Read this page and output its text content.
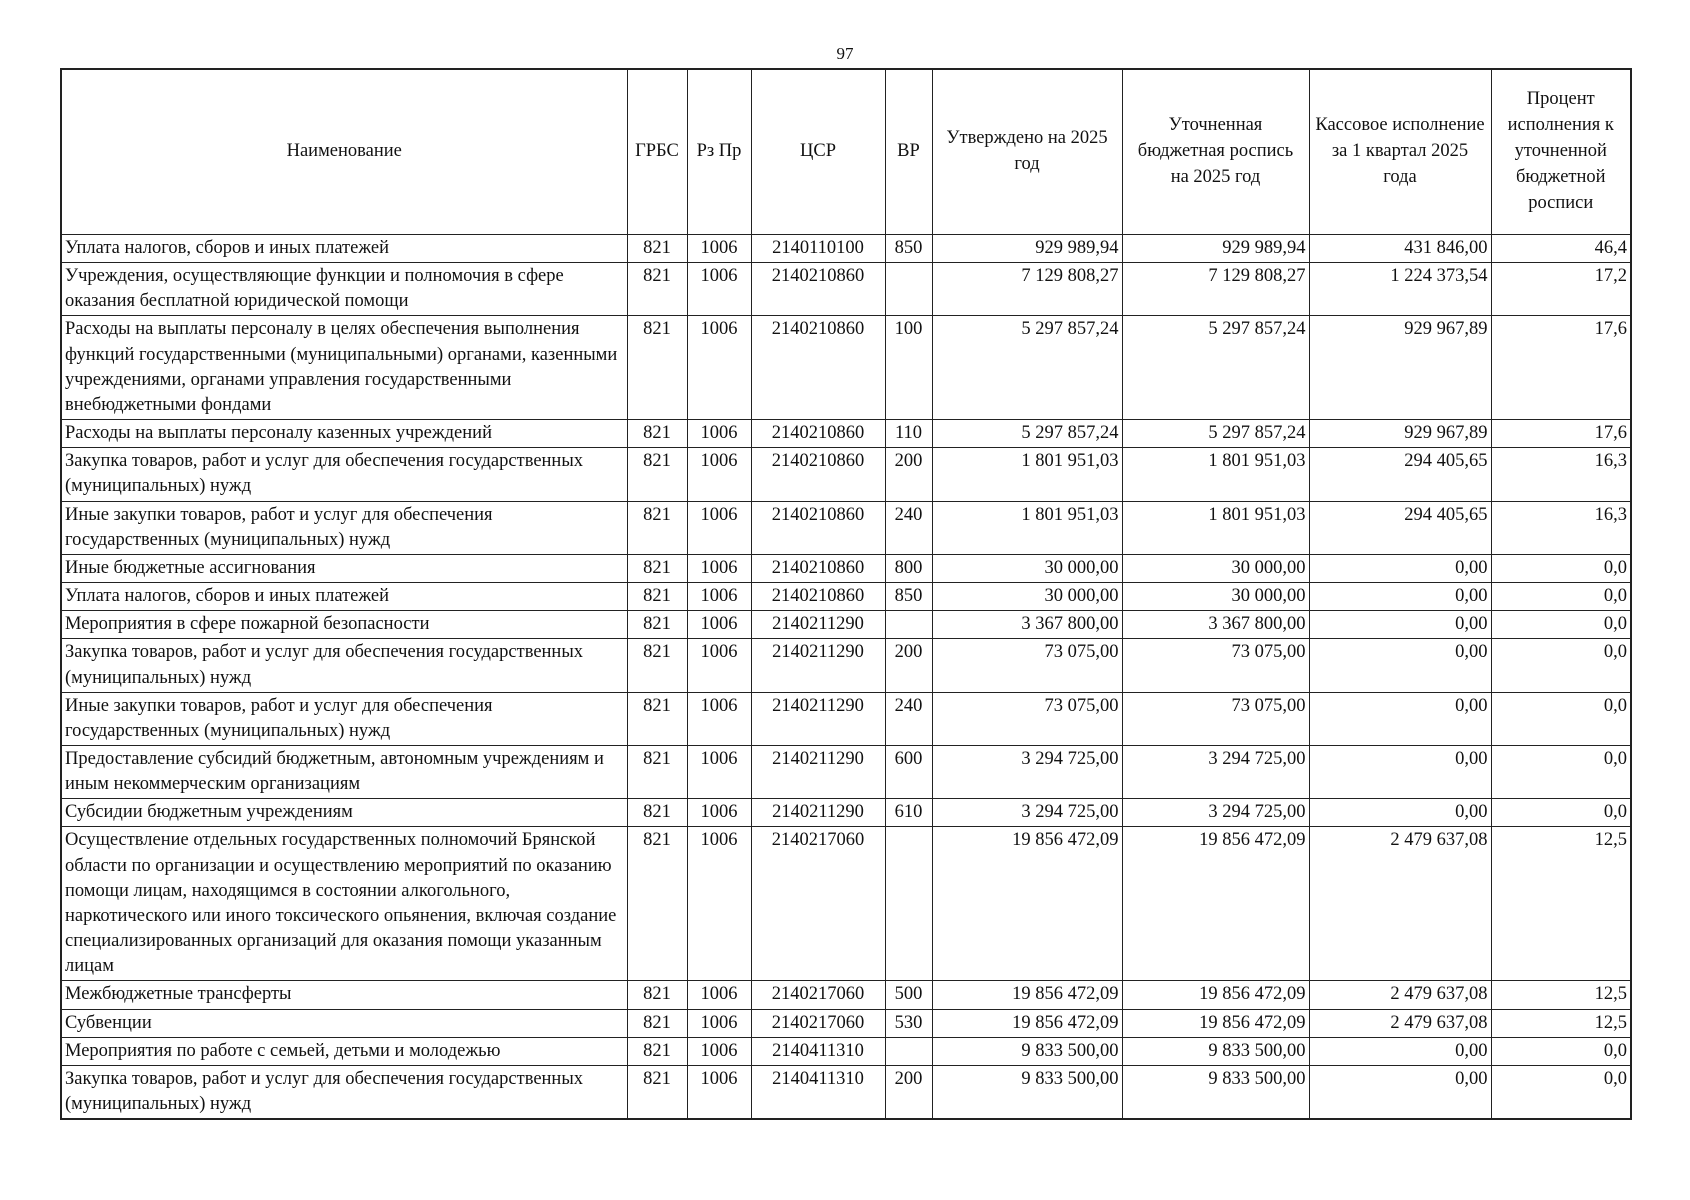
97
Наименование	ГРБС	Рз Пр	ЦСР	ВР	Утверждено на 2025 год	Уточненная бюджетная роспись на 2025 год	Кассовое исполнение за 1 квартал 2025 года	Процент исполнения к уточненной бюджетной росписи
Уплата налогов, сборов и иных платежей	821	1006	2140110100	850	929 989,94	929 989,94	431 846,00	46,4
Учреждения, осуществляющие функции и полномочия в сфере оказания бесплатной юридической помощи	821	1006	2140210860		7 129 808,27	7 129 808,27	1 224 373,54	17,2
Расходы на выплаты персоналу в целях обеспечения выполнения функций государственными (муниципальными) органами, казенными учреждениями, органами управления государственными внебюджетными фондами	821	1006	2140210860	100	5 297 857,24	5 297 857,24	929 967,89	17,6
Расходы на выплаты персоналу казенных учреждений	821	1006	2140210860	110	5 297 857,24	5 297 857,24	929 967,89	17,6
Закупка товаров, работ и услуг для обеспечения государственных (муниципальных) нужд	821	1006	2140210860	200	1 801 951,03	1 801 951,03	294 405,65	16,3
Иные закупки товаров, работ и услуг для обеспечения государственных (муниципальных) нужд	821	1006	2140210860	240	1 801 951,03	1 801 951,03	294 405,65	16,3
Иные бюджетные ассигнования	821	1006	2140210860	800	30 000,00	30 000,00	0,00	0,0
Уплата налогов, сборов и иных платежей	821	1006	2140210860	850	30 000,00	30 000,00	0,00	0,0
Мероприятия в сфере пожарной безопасности	821	1006	2140211290		3 367 800,00	3 367 800,00	0,00	0,0
Закупка товаров, работ и услуг для обеспечения государственных (муниципальных) нужд	821	1006	2140211290	200	73 075,00	73 075,00	0,00	0,0
Иные закупки товаров, работ и услуг для обеспечения государственных (муниципальных) нужд	821	1006	2140211290	240	73 075,00	73 075,00	0,00	0,0
Предоставление субсидий бюджетным, автономным учреждениям и иным некоммерческим организациям	821	1006	2140211290	600	3 294 725,00	3 294 725,00	0,00	0,0
Субсидии бюджетным учреждениям	821	1006	2140211290	610	3 294 725,00	3 294 725,00	0,00	0,0
Осуществление отдельных государственных полномочий Брянской области по организации и осуществлению мероприятий по оказанию помощи лицам, находящимся в состоянии алкогольного, наркотического или иного токсического опьянения, включая создание специализированных организаций для оказания помощи указанным лицам	821	1006	2140217060		19 856 472,09	19 856 472,09	2 479 637,08	12,5
Межбюджетные трансферты	821	1006	2140217060	500	19 856 472,09	19 856 472,09	2 479 637,08	12,5
Субвенции	821	1006	2140217060	530	19 856 472,09	19 856 472,09	2 479 637,08	12,5
Мероприятия по работе с семьей, детьми и молодежью	821	1006	2140411310		9 833 500,00	9 833 500,00	0,00	0,0
Закупка товаров, работ и услуг для обеспечения государственных (муниципальных) нужд	821	1006	2140411310	200	9 833 500,00	9 833 500,00	0,00	0,0
